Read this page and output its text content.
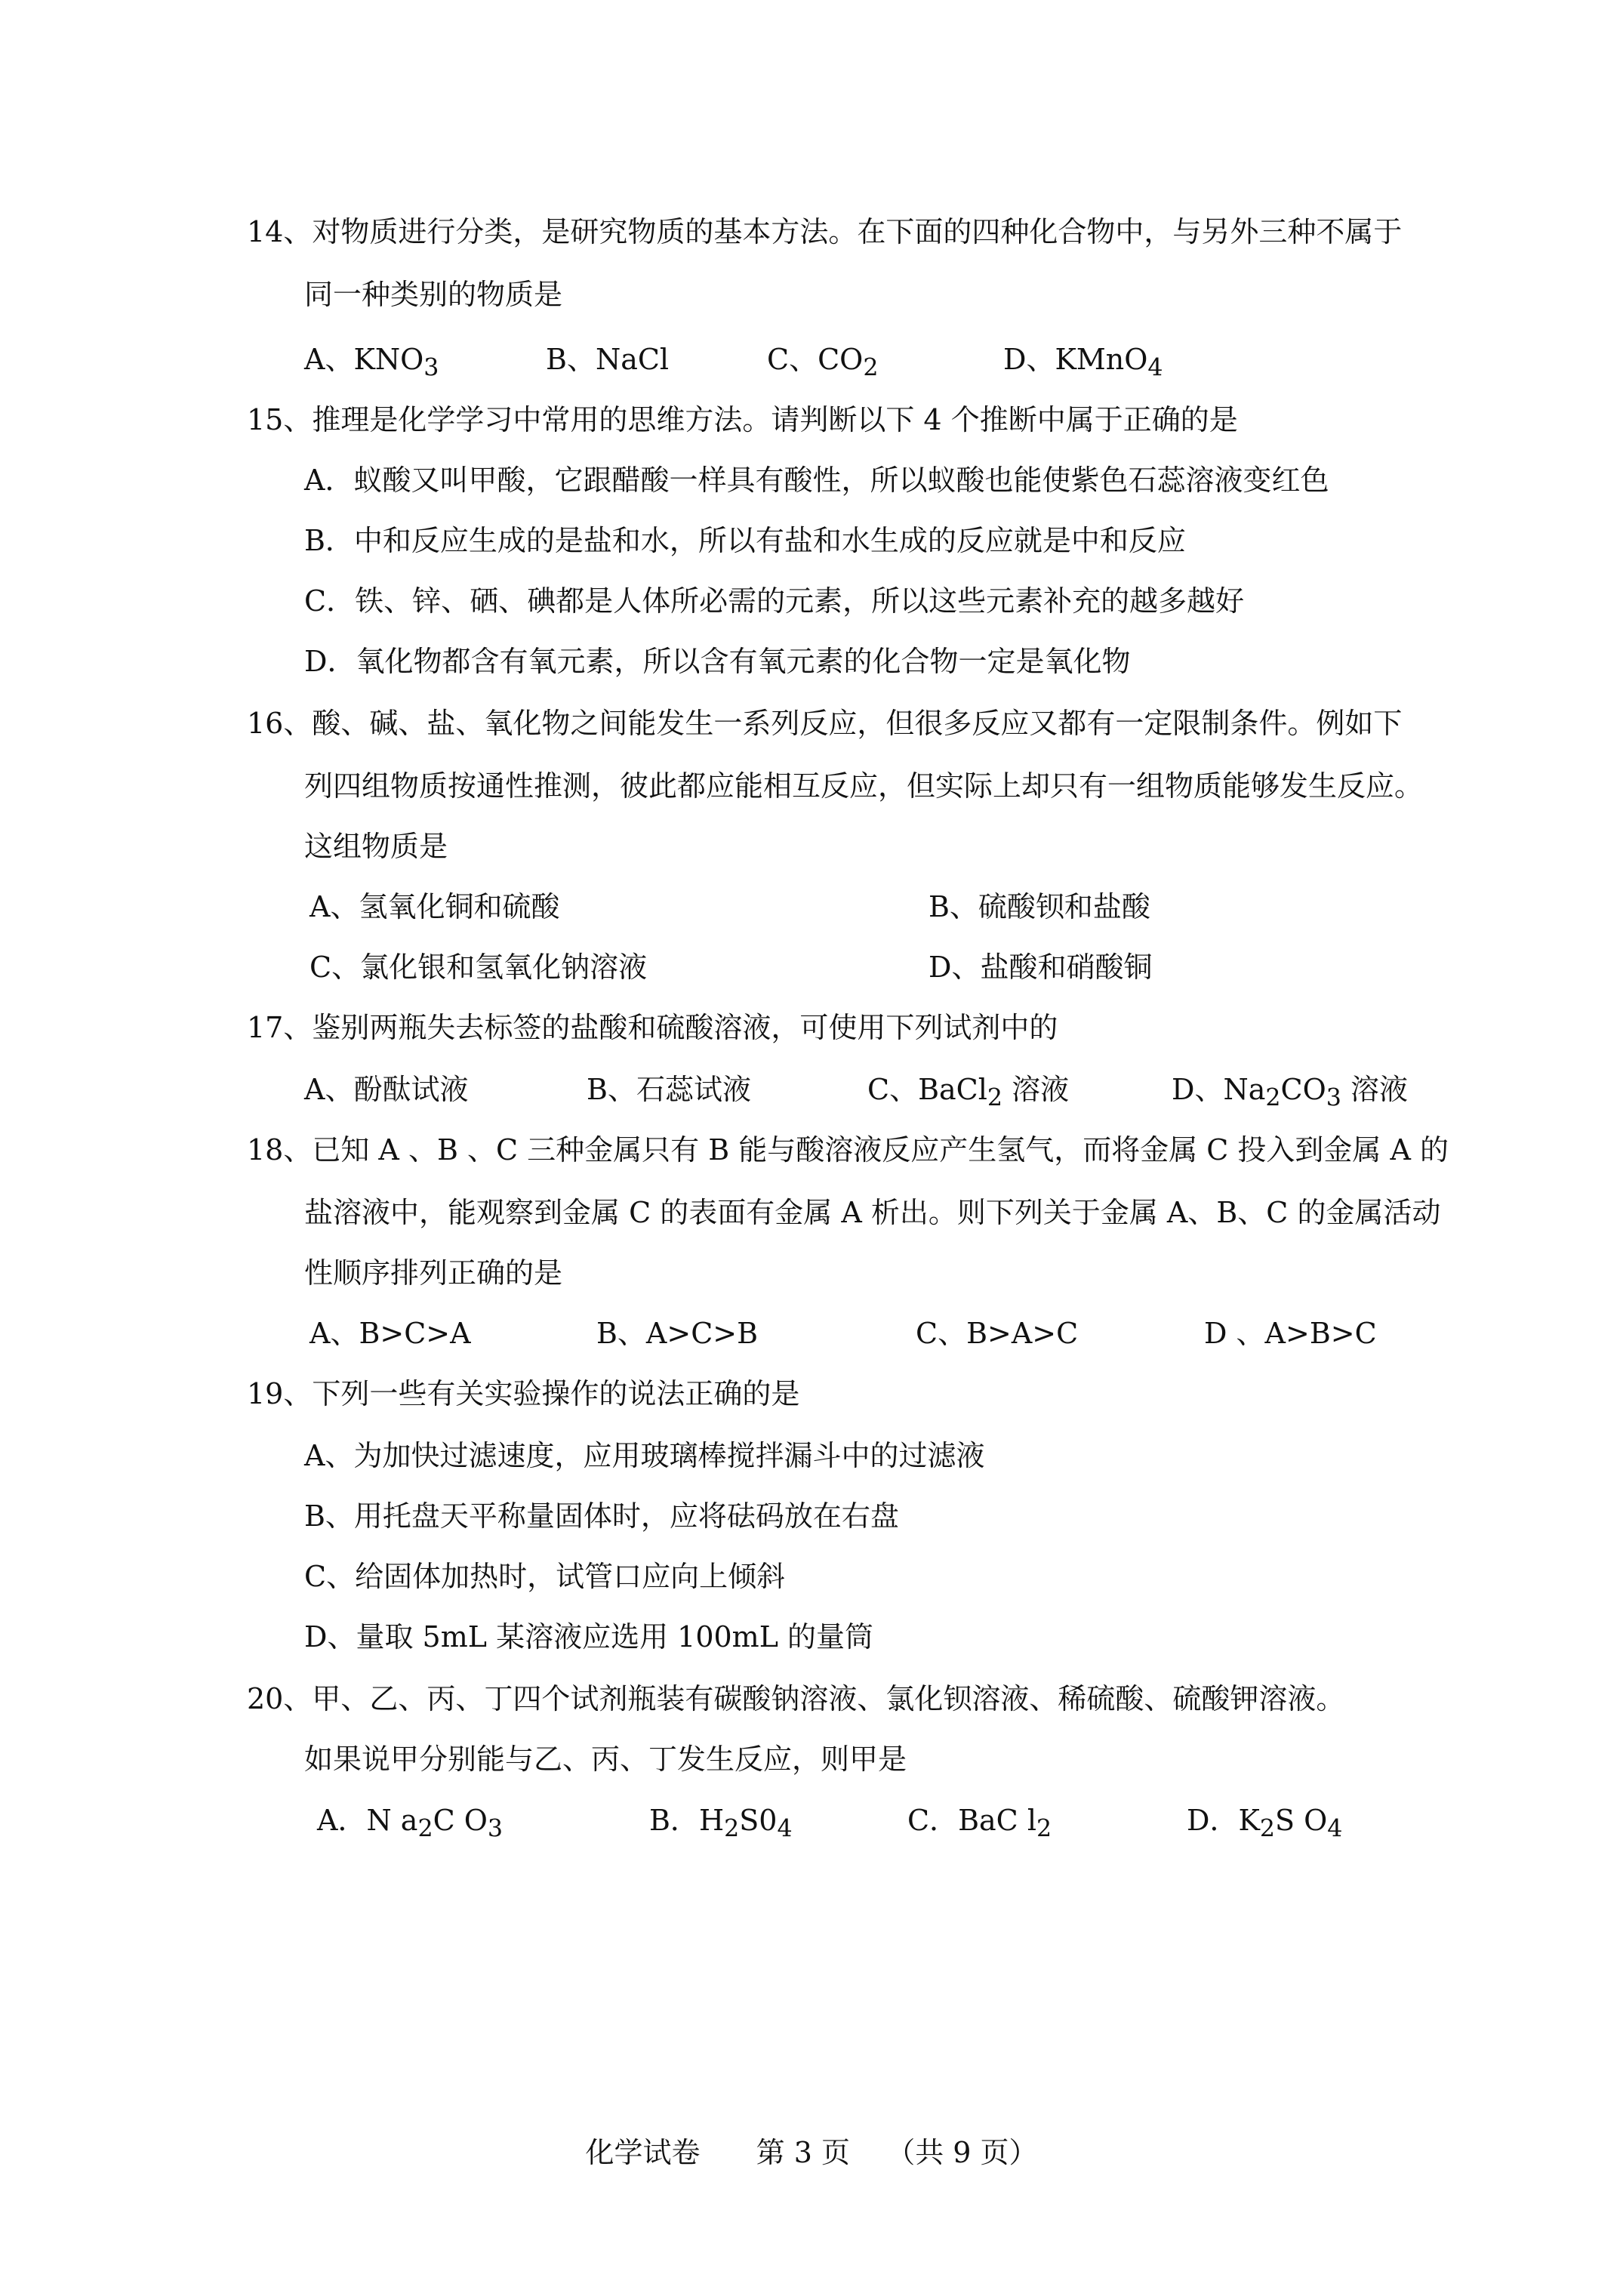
14、对物质进行分类，是研究物质的基本方法。在下面的四种化合物中，与另外三种不属于
同一种类别的物质是
A、$KNO_3$	B、NaCl	C、$CO_2$	D、KMnO$_4$
15、推理是化学学习中常用的思维方法。请判断以下 4 个推断中属于正确的是
A．蚁酸又叫甲酸，它跟醋酸一样具有酸性，所以蚁酸也能使紫色石蕊溶液变红色
B．中和反应生成的是盐和水，所以有盐和水生成的反应就是中和反应
C．铁、锌、硒、碘都是人体所必需的元素，所以这些元素补充的越多越好
D．氧化物都含有氧元素，所以含有氧元素的化合物一定是氧化物
16、酸、碱、盐、氧化物之间能发生一系列反应，但很多反应又都有一定限制条件。例如下
列四组物质按通性推测，彼此都应能相互反应，但实际上却只有一组物质能够发生反应。
这组物质是
A、氢氧化铜和硫酸	B、硫酸钡和盐酸
C、氯化银和氢氧化钠溶液	D、盐酸和硝酸铜
17、鉴别两瓶失去标签的盐酸和硫酸溶液，可使用下列试剂中的
A、酚酞试液	B、石蕊试液	C、BaCl$_2$ 溶液	D、$Na_2CO_3$ 溶液
18、已知 A 、B 、C 三种金属只有 B 能与酸溶液反应产生氢气，而将金属 C 投入到金属 A 的
盐溶液中，能观察到金属 C 的表面有金属 A 析出。则下列关于金属 A、B、C 的金属活动
性顺序排列正确的是
A、B>C>A	B、A>C>B	C、B>A>C	D 、A>B>C
19、下列一些有关实验操作的说法正确的是
A、为加快过滤速度，应用玻璃棒搅拌漏斗中的过滤液
B、用托盘天平称量固体时，应将砝码放在右盘
C、给固体加热时，试管口应向上倾斜
D、量取 5mL 某溶液应选用 100mL 的量筒
20、甲、乙、丙、丁四个试剂瓶装有碳酸钠溶液、氯化钡溶液、稀硫酸、硫酸钾溶液。
如果说甲分别能与乙、丙、丁发生反应，则甲是
A．N $a_2C$ $O_3$	B．$H_2S0_4$	C．BaC $l_2$	D．$K_2S$ $O_4$
化学试卷 第 3 页 （共 9 页）
